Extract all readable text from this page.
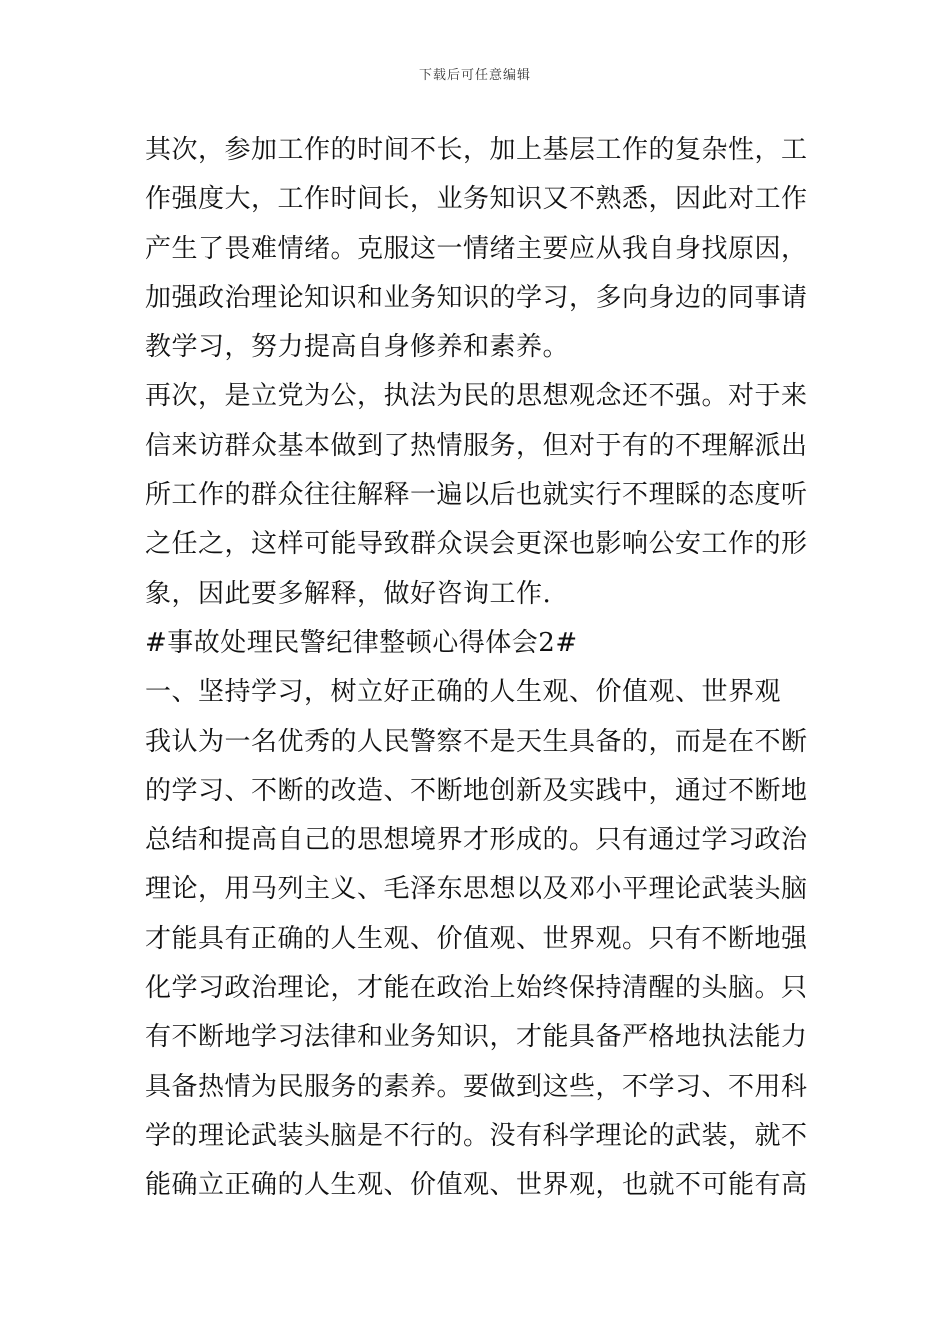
下载后可任意编辑
其次，参加工作的时间不长，加上基层工作的复杂性，工
作强度大，工作时间长，业务知识又不熟悉，因此对工作
产生了畏难情绪。克服这一情绪主要应从我自身找原因，
加强政治理论知识和业务知识的学习，多向身边的同事请
教学习，努力提高自身修养和素养。
再次，是立党为公，执法为民的思想观念还不强。对于来
信来访群众基本做到了热情服务，但对于有的不理解派出
所工作的群众往往解释一遍以后也就实行不理睬的态度听
之任之，这样可能导致群众误会更深也影响公安工作的形
象，因此要多解释，做好咨询工作.
#事故处理民警纪律整顿心得体会2#
一、坚持学习，树立好正确的人生观、价值观、世界观
我认为一名优秀的人民警察不是天生具备的，而是在不断
的学习、不断的改造、不断地创新及实践中，通过不断地
总结和提高自己的思想境界才形成的。只有通过学习政治
理论，用马列主义、毛泽东思想以及邓小平理论武装头脑
才能具有正确的人生观、价值观、世界观。只有不断地强
化学习政治理论，才能在政治上始终保持清醒的头脑。只
有不断地学习法律和业务知识，才能具备严格地执法能力
具备热情为民服务的素养。要做到这些，不学习、不用科
学的理论武装头脑是不行的。没有科学理论的武装，就不
能确立正确的人生观、价值观、世界观，也就不可能有高
